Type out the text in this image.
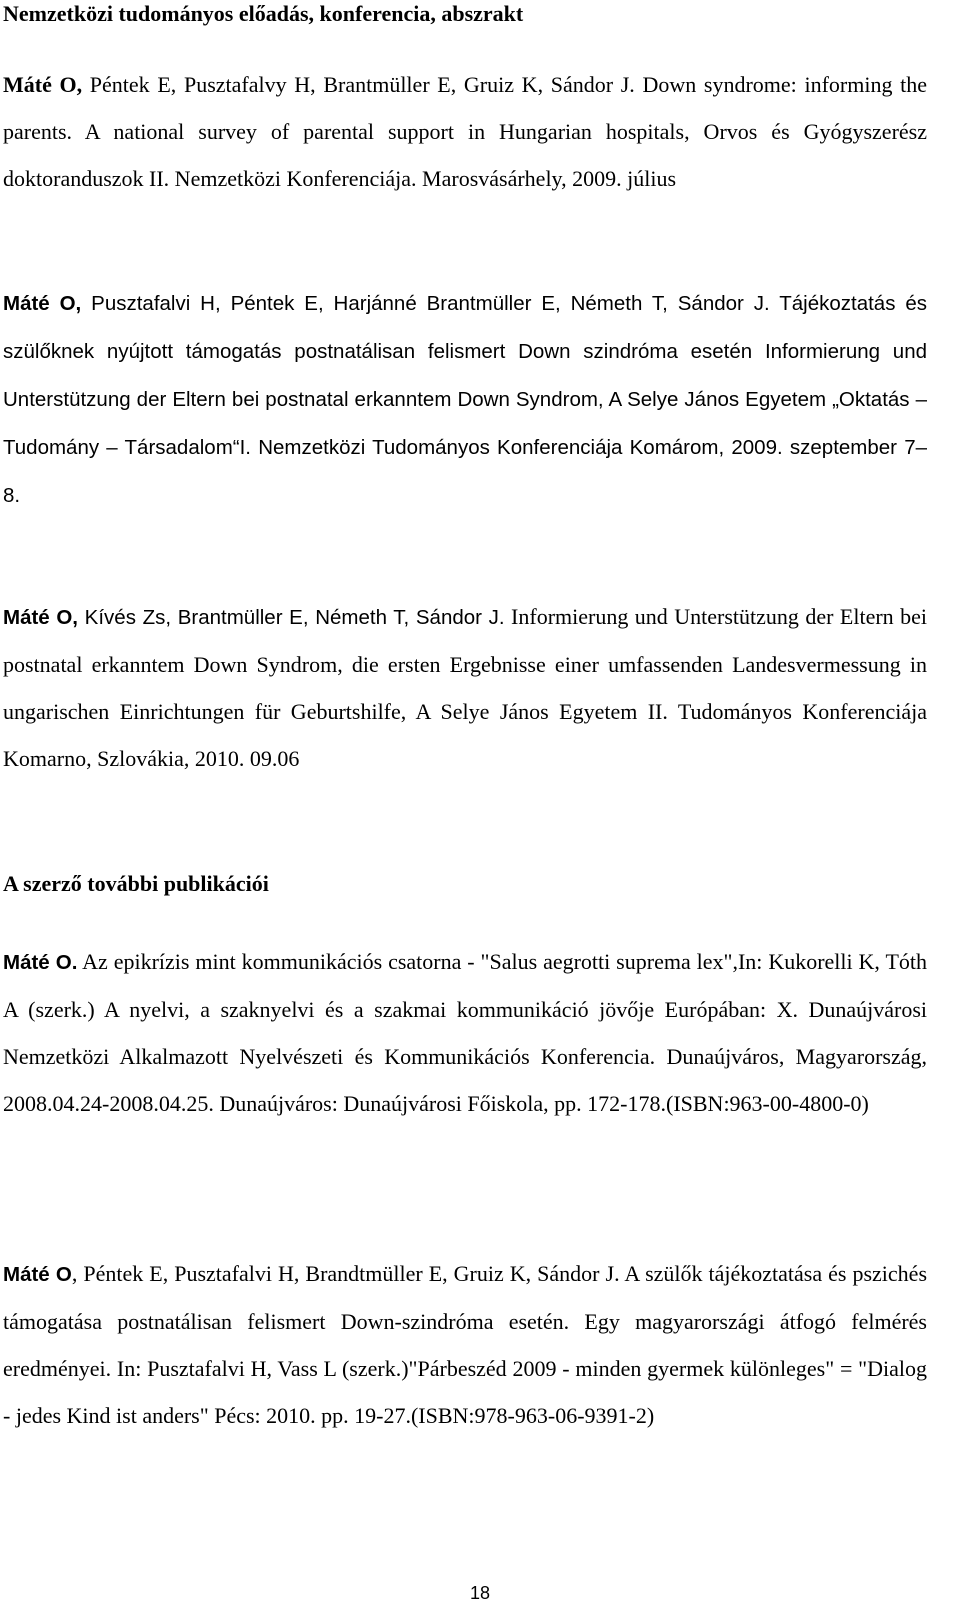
Nemzetközi tudományos előadás, konferencia, abszrakt
Máté O, Péntek E, Pusztafalvy H, Brantmüller E, Gruiz K, Sándor J. Down syndrome: informing the parents. A national survey of parental support in Hungarian hospitals, Orvos és Gyógyszerész doktoranduszok II. Nemzetközi Konferenciája. Marosvásárhely, 2009. július
Máté O, Pusztafalvi H, Péntek E, Harjánné Brantmüller E, Németh T, Sándor J. Tájékoztatás és szülőknek nyújtott támogatás postnatálisan felismert Down szindróma esetén Informierung und Unterstützung der Eltern bei postnatal erkanntem Down Syndrom, A Selye János Egyetem „Oktatás – Tudomány – Társadalom“I. Nemzetközi Tudományos Konferenciája Komárom, 2009. szeptember 7–8.
Máté O, Kívés Zs, Brantmüller E, Németh T, Sándor J. Informierung und Unterstützung der Eltern bei postnatal erkanntem Down Syndrom, die ersten Ergebnisse einer umfassenden Landesvermessung in ungarischen Einrichtungen für Geburtshilfe, A Selye János Egyetem II. Tudományos Konferenciája Komarno, Szlovákia, 2010. 09.06
A szerző további publikációi
Máté O. Az epikrízis mint kommunikációs csatorna - "Salus aegrotti suprema lex",In: Kukorelli K, Tóth A (szerk.) A nyelvi, a szaknyelvi és a szakmai kommunikáció jövője Európában: X. Dunaújvárosi Nemzetközi Alkalmazott Nyelvészeti és Kommunikációs Konferencia. Dunaújváros, Magyarország, 2008.04.24-2008.04.25. Dunaújváros: Dunaújvárosi Főiskola, pp. 172-178.(ISBN:963-00-4800-0)
Máté O, Péntek E, Pusztafalvi H, Brandtmüller E, Gruiz K, Sándor J. A szülők tájékoztatása és pszichés támogatása postnatálisan felismert Down-szindróma esetén. Egy magyarországi átfogó felmérés eredményei. In: Pusztafalvi H, Vass L (szerk.)"Párbeszéd 2009 - minden gyermek különleges" = "Dialog - jedes Kind ist anders" Pécs: 2010. pp. 19-27.(ISBN:978-963-06-9391-2)
18
